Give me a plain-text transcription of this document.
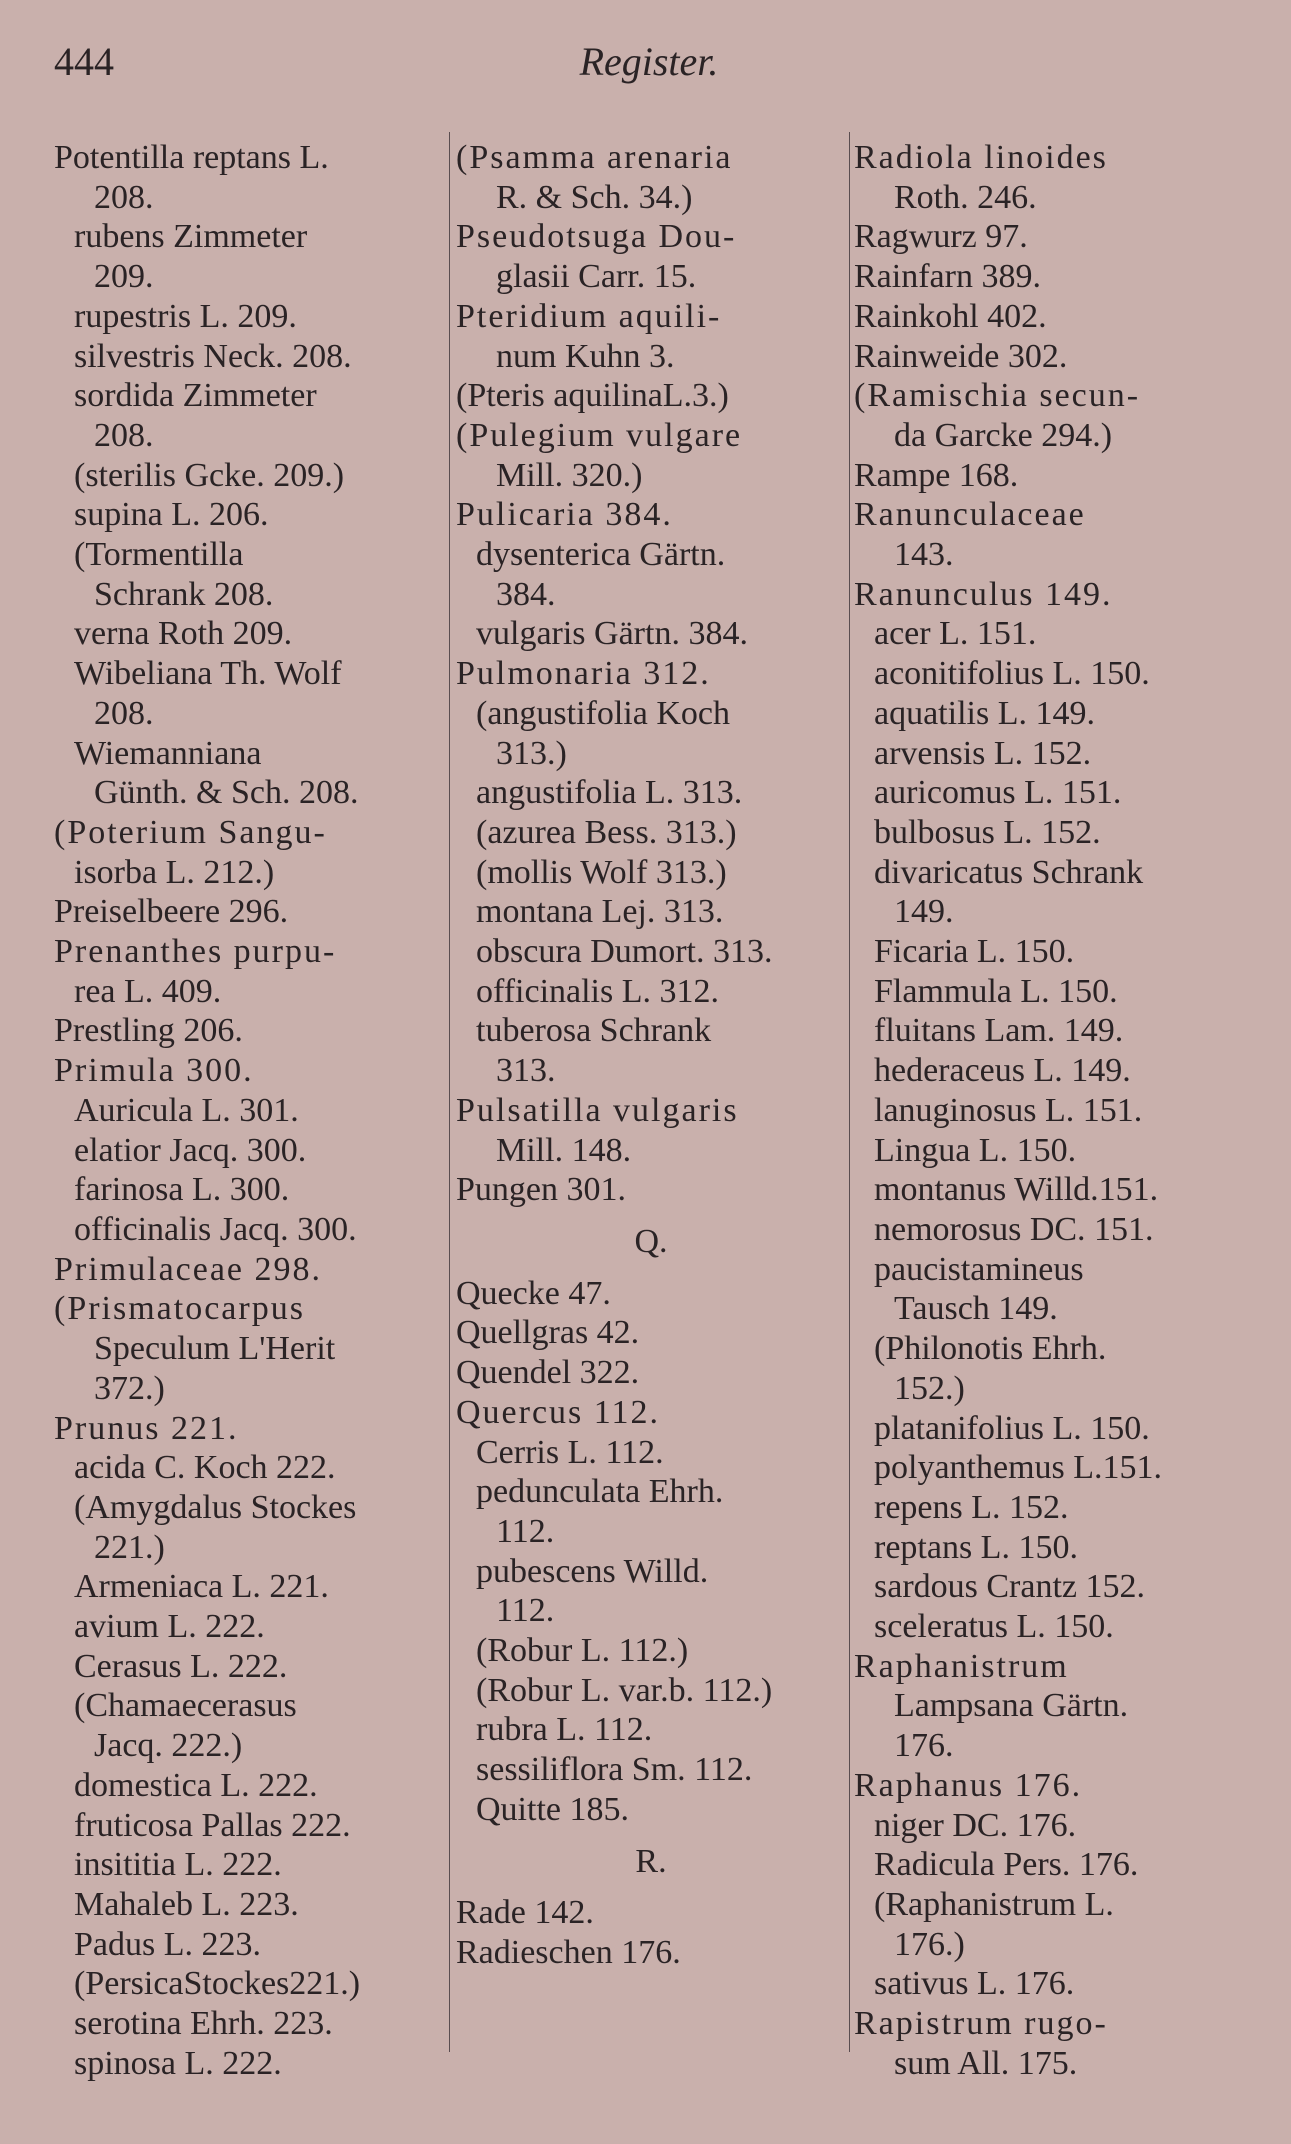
444	Register.
Potentilla reptans L.
208.
rubens Zimmeter
209.
rupestris L. 209.
silvestris Neck. 208.
sordida Zimmeter
208.
(sterilis Gcke. 209.)
supina L. 206.
(Tormentilla
Schrank 208.
verna Roth 209.
Wibeliana Th. Wolf
208.
Wiemanniana
Günth. & Sch. 208.
(Poterium Sangu-
isorba L. 212.)
Preiselbeere 296.
Prenanthes purpu-
rea L. 409.
Prestling 206.
Primula 300.
Auricula L. 301.
elatior Jacq. 300.
farinosa L. 300.
officinalis Jacq. 300.
Primulaceae 298.
(Prismatocarpus
Speculum L'Herit
372.)
Prunus 221.
acida C. Koch 222.
(Amygdalus Stockes
221.)
Armeniaca L. 221.
avium L. 222.
Cerasus L. 222.
(Chamaecerasus
Jacq. 222.)
domestica L. 222.
fruticosa Pallas 222.
insititia L. 222.
Mahaleb L. 223.
Padus L. 223.
(PersicaStockes221.)
serotina Ehrh. 223.
spinosa L. 222.
(Psamma arenaria
R. & Sch. 34.)
Pseudotsuga Dou-
glasii Carr. 15.
Pteridium aquili-
num Kuhn 3.
(Pteris aquilinaL.3.)
(Pulegium vulgare
Mill. 320.)
Pulicaria 384.
dysenterica Gärtn.
384.
vulgaris Gärtn. 384.
Pulmonaria 312.
(angustifolia Koch
313.)
angustifolia L. 313.
(azurea Bess. 313.)
(mollis Wolf 313.)
montana Lej. 313.
obscura Dumort. 313.
officinalis L. 312.
tuberosa Schrank
313.
Pulsatilla vulgaris
Mill. 148.
Pungen 301.
Q.
Quecke 47.
Quellgras 42.
Quendel 322.
Quercus 112.
Cerris L. 112.
pedunculata Ehrh.
112.
pubescens Willd.
112.
(Robur L. 112.)
(Robur L. var.b. 112.)
rubra L. 112.
sessiliflora Sm. 112.
Quitte 185.
R.
Rade 142.
Radieschen 176.
Radiola linoides
Roth. 246.
Ragwurz 97.
Rainfarn 389.
Rainkohl 402.
Rainweide 302.
(Ramischia secun-
da Garcke 294.)
Rampe 168.
Ranunculaceae
143.
Ranunculus 149.
acer L. 151.
aconitifolius L. 150.
aquatilis L. 149.
arvensis L. 152.
auricomus L. 151.
bulbosus L. 152.
divaricatus Schrank
149.
Ficaria L. 150.
Flammula L. 150.
fluitans Lam. 149.
hederaceus L. 149.
lanuginosus L. 151.
Lingua L. 150.
montanus Willd.151.
nemorosus DC. 151.
paucistamineus
Tausch 149.
(Philonotis Ehrh.
152.)
platanifolius L. 150.
polyanthemus L.151.
repens L. 152.
reptans L. 150.
sardous Crantz 152.
sceleratus L. 150.
Raphanistrum
Lampsana Gärtn.
176.
Raphanus 176.
niger DC. 176.
Radicula Pers. 176.
(Raphanistrum L.
176.)
sativus L. 176.
Rapistrum rugo-
sum All. 175.
